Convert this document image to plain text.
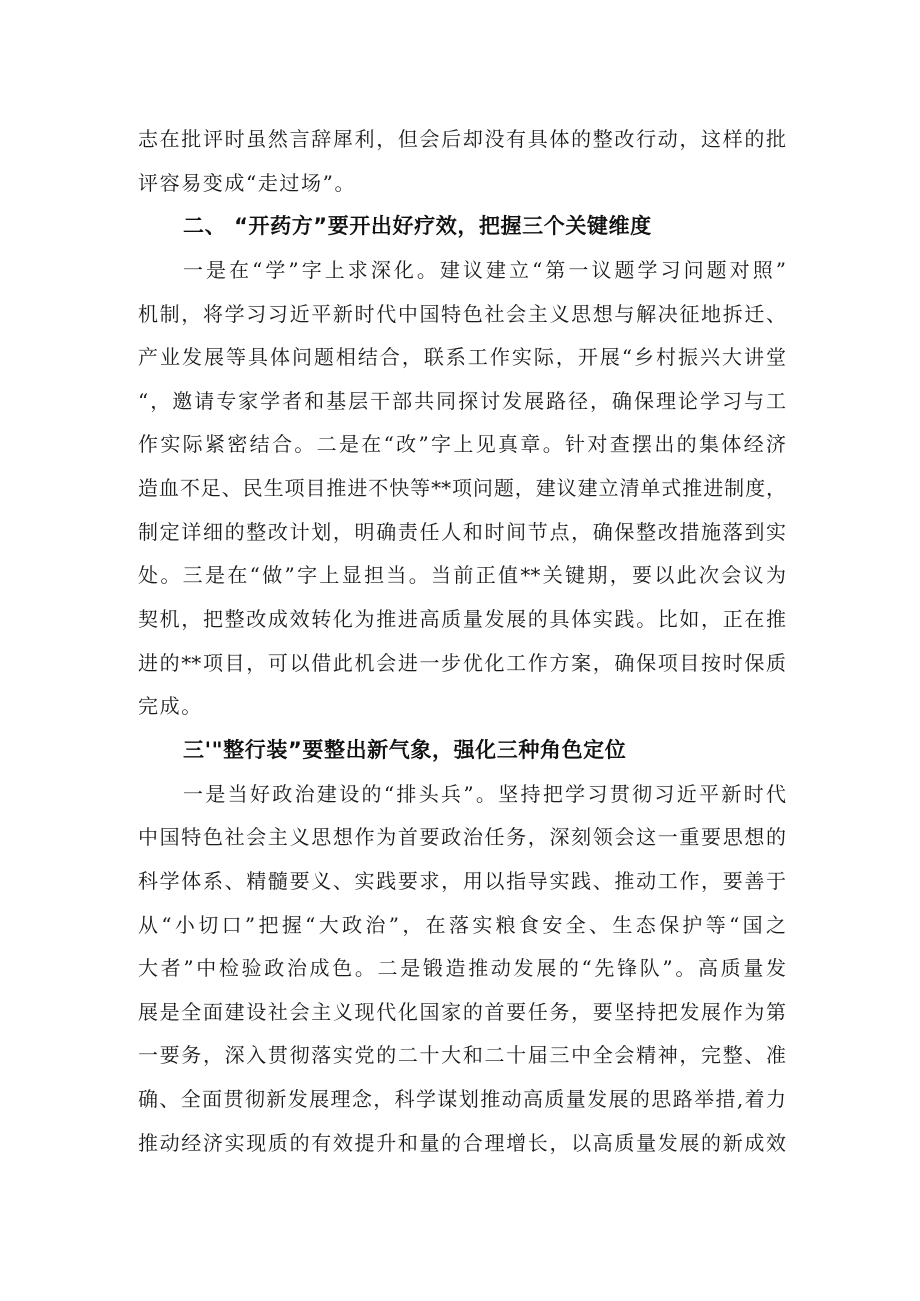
志在批评时虽然言辞犀利，但会后却没有具体的整改行动，这样的批
评容易变成“走过场”。
二、 “开药方”要开出好疗效，把握三个关键维度
一是在“学”字上求深化。建议建立“第一议题学习问题对照”
机制，将学习习近平新时代中国特色社会主义思想与解决征地拆迁、
产业发展等具体问题相结合，联系工作实际，开展“乡村振兴大讲堂
“，邀请专家学者和基层干部共同探讨发展路径，确保理论学习与工
作实际紧密结合。二是在“改”字上见真章。针对查摆出的集体经济
造血不足、民生项目推进不快等**项问题，建议建立清单式推进制度，
制定详细的整改计划，明确责任人和时间节点，确保整改措施落到实
处。三是在“做”字上显担当。当前正值**关键期，要以此次会议为
契机，把整改成效转化为推进高质量发展的具体实践。比如，正在推
进的**项目，可以借此机会进一步优化工作方案，确保项目按时保质
完成。
三'"整行装”要整出新气象，强化三种角色定位
一是当好政治建设的“排头兵”。坚持把学习贯彻习近平新时代
中国特色社会主义思想作为首要政治任务，深刻领会这一重要思想的
科学体系、精髓要义、实践要求，用以指导实践、推动工作，要善于
从“小切口”把握“大政治”，在落实粮食安全、生态保护等“国之
大者”中检验政治成色。二是锻造推动发展的“先锋队”。高质量发
展是全面建设社会主义现代化国家的首要任务，要坚持把发展作为第
一要务，深入贯彻落实党的二十大和二十届三中全会精神，完整、准
确、全面贯彻新发展理念，科学谋划推动高质量发展的思路举措,着力
推动经济实现质的有效提升和量的合理增长，以高质量发展的新成效
